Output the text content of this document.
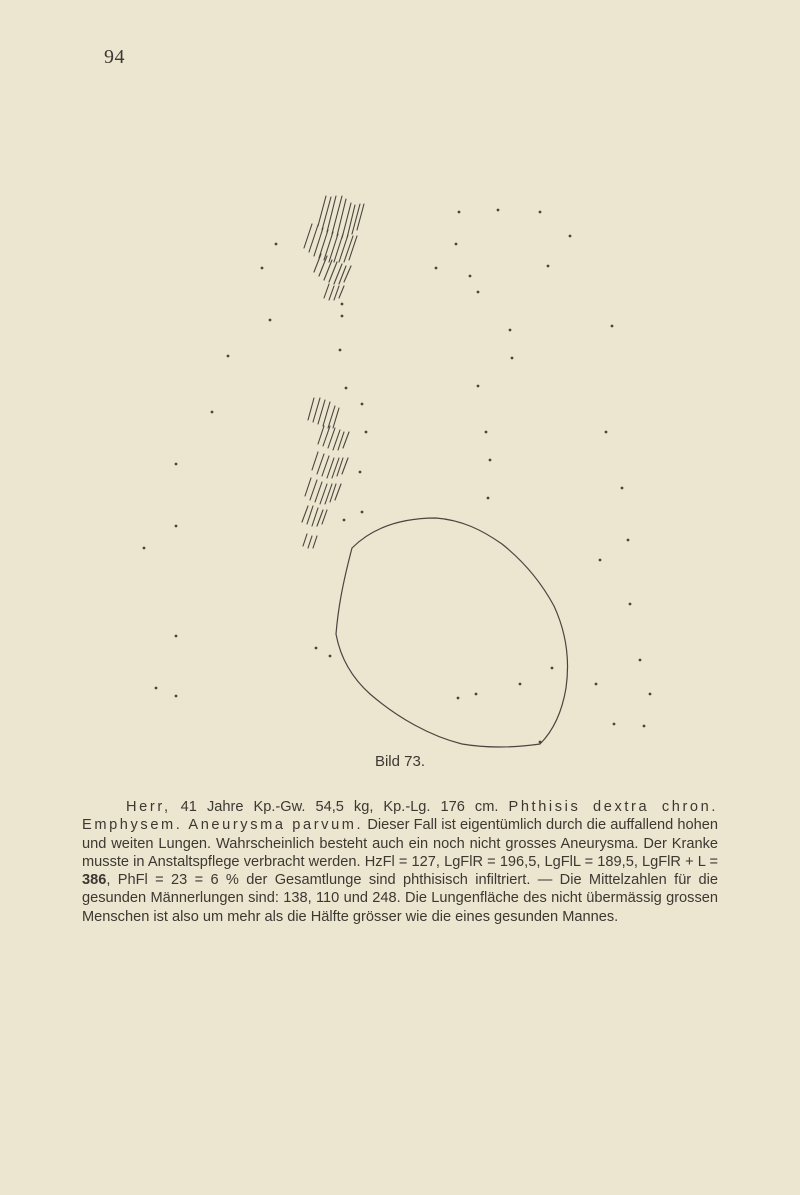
94
Bild 73.

Herr, 41 Jahre Kp.-Gw. 54,5 kg, Kp.-Lg. 176 cm. Phthisis dextra chron. Emphysem. Aneurysma parvum. Dieser Fall ist eigentümlich durch die auffallend hohen und weiten Lungen. Wahrscheinlich besteht auch ein noch nicht grosses Aneurysma. Der Kranke musste in Anstaltspflege verbracht werden. HzFl = 127, LgFlR = 196,5, LgFlL = 189,5, LgFlR + L = 386, PhFl = 23 = 6 % der Gesamtlunge sind phthisisch infiltriert. — Die Mittelzahlen für die gesunden Männerlungen sind: 138, 110 und 248. Die Lungenfläche des nicht übermässig grossen Menschen ist also um mehr als die Hälfte grösser wie die eines gesunden Mannes.
